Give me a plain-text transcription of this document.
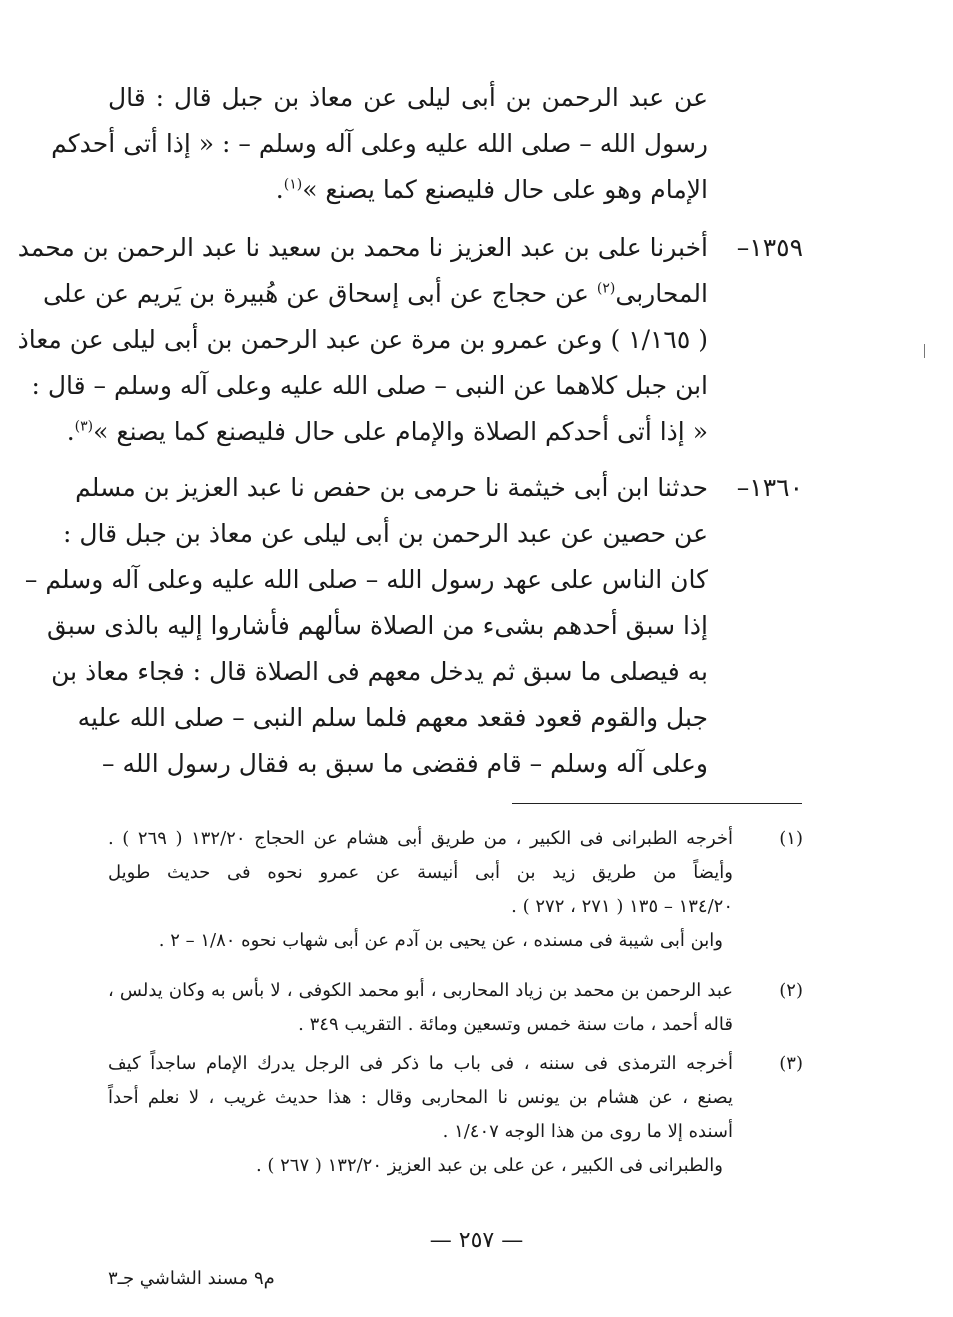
عن عبد الرحمن بن أبى ليلى عن معاذ بن جبل قال : قال
رسول الله – صلى الله عليه وعلى آله وسلم – : « إذا أتى أحدكم
الإمام وهو على حال فليصنع كما يصنع »$^{(١)}$.
١٣٥٩–
أخبرنا على بن عبد العزيز نا محمد بن سعيد نا عبد الرحمن بن محمد
المحاربى$^{(٢)}$ عن حجاج عن أبى إسحاق عن هُبيرة بن يَريم عن على
( ١/١٦٥ ) وعن عمرو بن مرة عن عبد الرحمن بن أبى ليلى عن معاذ
ابن جبل كلاهما عن النبى – صلى الله عليه وعلى آله وسلم – قال :
« إذا أتى أحدكم الصلاة والإمام على حال فليصنع كما يصنع »$^{(٣)}$.
١٣٦٠–
حدثنا ابن أبى خيثمة نا حرمى بن حفص نا عبد العزيز بن مسلم
عن حصين عن عبد الرحمن بن أبى ليلى عن معاذ بن جبل قال :
كان الناس على عهد رسول الله – صلى الله عليه وعلى آله وسلم –
إذا سبق أحدهم بشىء من الصلاة سألهم فأشاروا إليه بالذى سبق
به فيصلى ما سبق ثم يدخل معهم فى الصلاة قال : فجاء معاذ بن
جبل والقوم قعود فقعد معهم فلما سلم النبى – صلى الله عليه
وعلى آله وسلم – قام فقضى ما سبق به فقال رسول الله –
(١)
أخرجه الطبرانى فى الكبير ، من طريق أبى هشام عن الحجاج ١٣٢/٢٠ ( ٢٦٩ ) .
وأيضاً من طريق زيد بن أبى أنيسة عن عمرو نحوه فى حديث طويل
١٣٤/٢٠ – ١٣٥ ( ٢٧١ ، ٢٧٢ ) .
وابن أبى شيبة فى مسنده ، عن يحيى بن آدم عن أبى شهاب نحوه ١/٨٠ – ٢ .
(٢)
عبد الرحمن بن محمد بن زياد المحاربى ، أبو محمد الكوفى ، لا بأس به وكان يدلس ،
قاله أحمد ، مات سنة خمس وتسعين ومائة . التقريب ٣٤٩ .
(٣)
أخرجه الترمذى فى سننه ، فى باب ما ذكر فى الرجل يدرك الإمام ساجداً كيف
يصنع ، عن هشام بن يونس نا المحاربى وقال : هذا حديث غريب ، لا نعلم أحداً
أسنده إلا ما روى من هذا الوجه ١/٤٠٧ .
والطبرانى فى الكبير ، عن على بن عبد العزيز ١٣٢/٢٠ ( ٢٦٧ ) .
— ٢٥٧ —
م٩ مسند الشاشي جـ٣
